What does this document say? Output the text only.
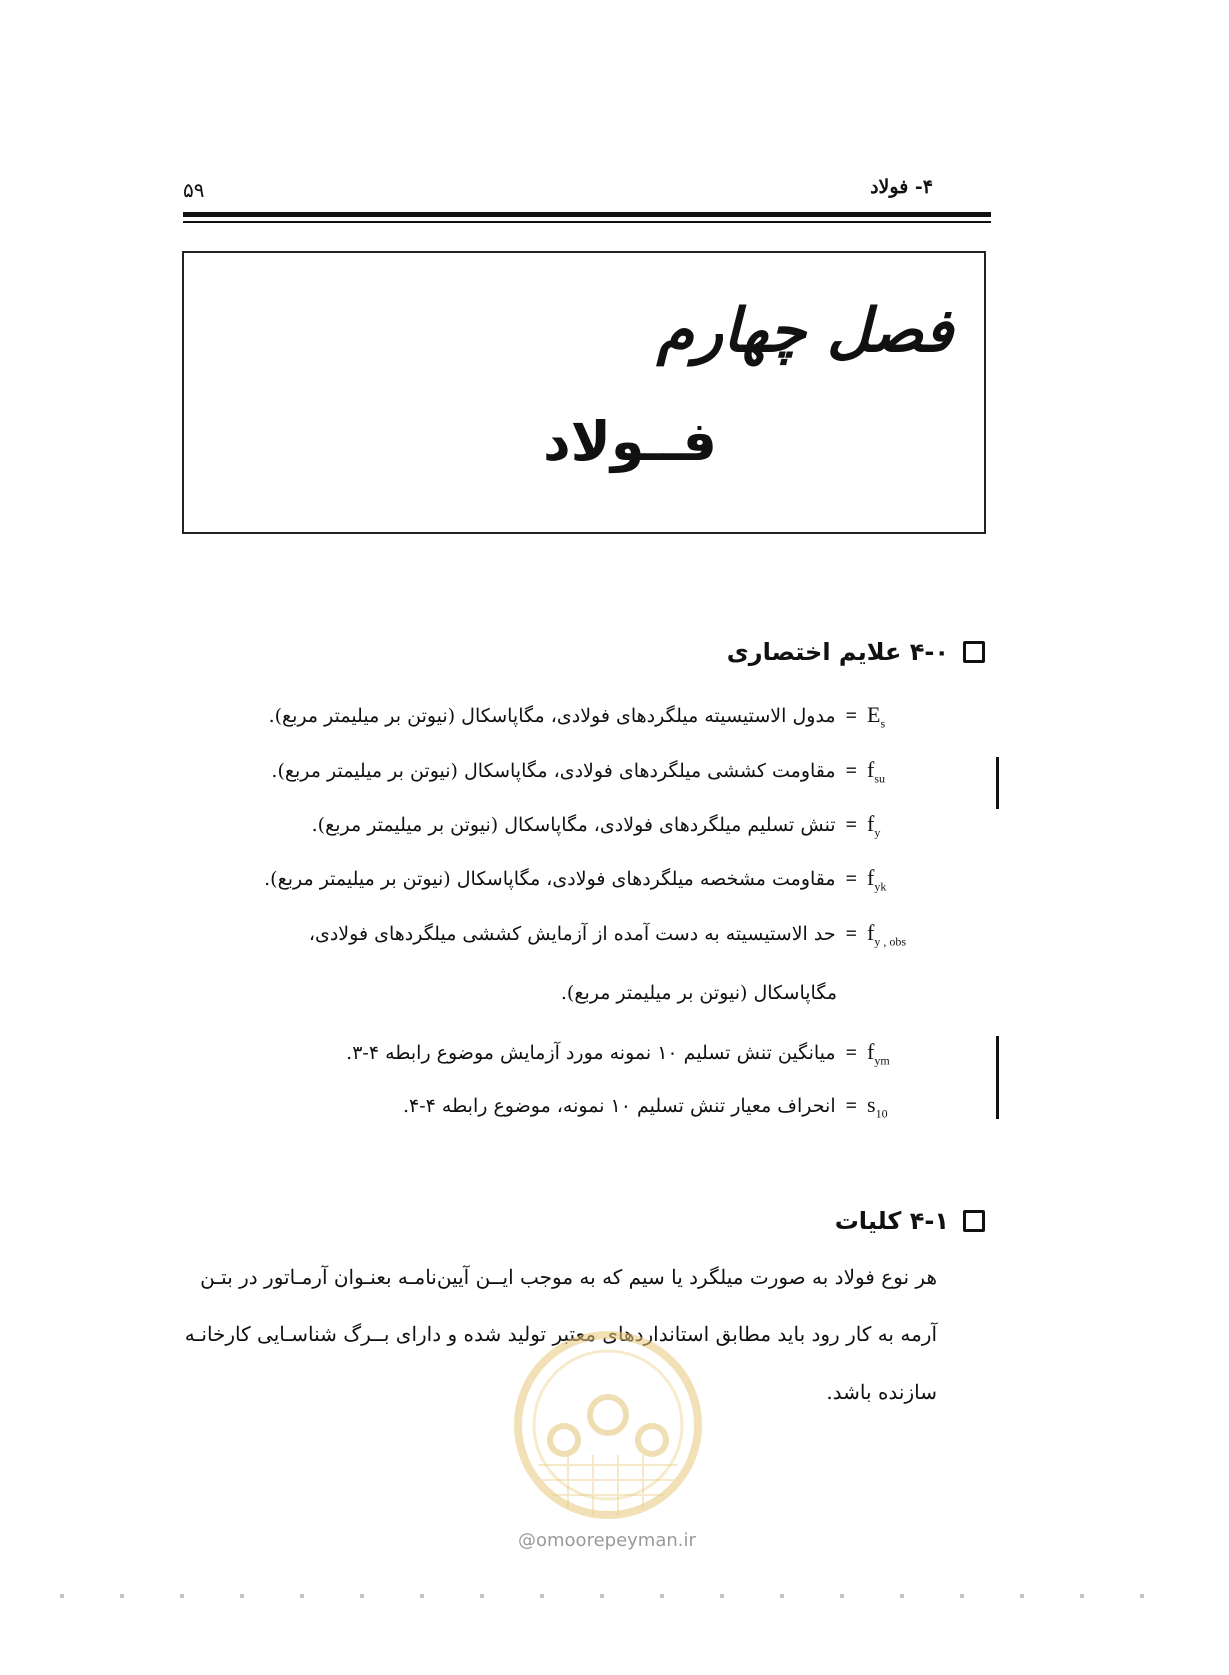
۵۹	۴- فولاد
فصل چهارم
فــولاد
۴-۰ علایم اختصاری
$E_s$
=
مدول الاستیسیته میلگردهای فولادی، مگاپاسکال (نیوتن بر میلیمتر مربع).
$f_{su}$
=
مقاومت کششی میلگردهای فولادی، مگاپاسکال (نیوتن بر میلیمتر مربع).
$f_y$
=
تنش تسلیم میلگردهای فولادی، مگاپاسکال (نیوتن بر میلیمتر مربع).
$f_{yk}$
=
مقاومت مشخصه میلگردهای فولادی، مگاپاسکال (نیوتن بر میلیمتر مربع).
$f_{y , obs}$
=
حد الاستیسیته به دست آمده از آزمایش کششی میلگردهای فولادی،
$f_{ym}$
=
میانگین تنش تسلیم ۱۰ نمونه مورد آزمایش موضوع رابطه ۴-۳.
$s_{10}$
=
انحراف معیار تنش تسلیم ۱۰ نمونه، موضوع رابطه ۴-۴.
مگاپاسکال (نیوتن بر میلیمتر مربع).
۴-۱ کلیات
هر نوع فولاد به صورت میلگرد یا سیم که به موجب ایــن آیین‌نامـه بعنـوان آرمـاتور در بتـن
آرمه به کار رود باید مطابق استانداردهای معتبر تولید شده و دارای بــرگ شناسـایی کارخانـه
سازنده باشد.
@omoorepeyman.ir
